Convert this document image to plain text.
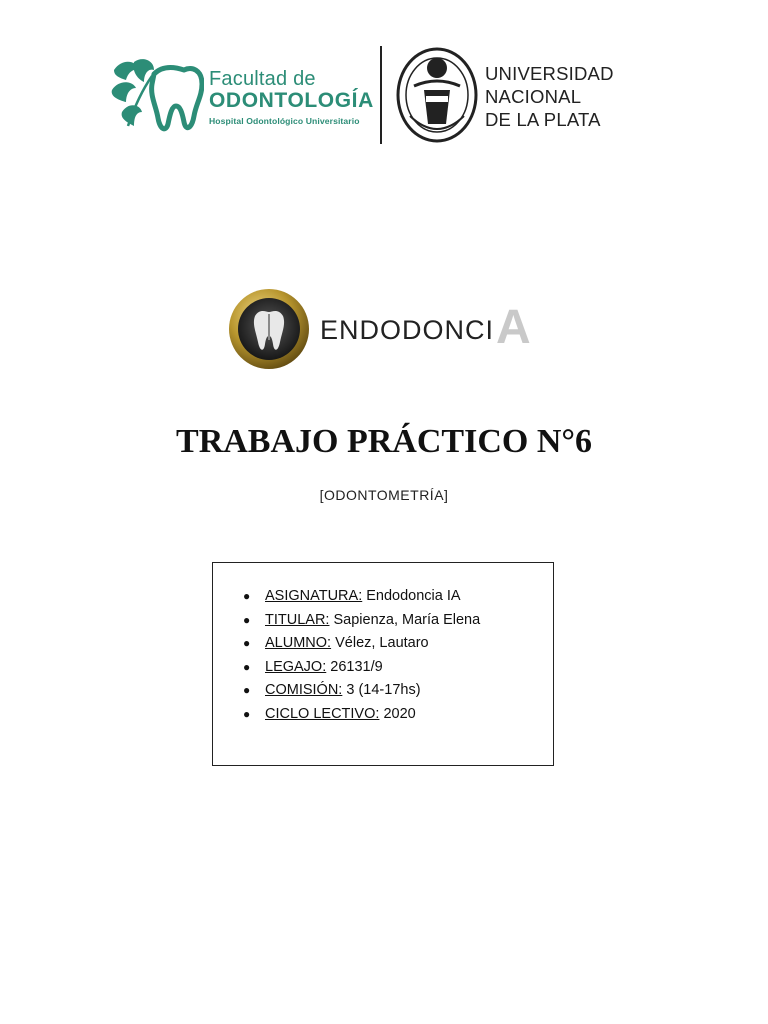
Facultad de
ODONTOLOGÍA
Hospital Odontológico Universitario
UNIVERSIDAD
NACIONAL
DE LA PLATA
ENDODONCI A
TRABAJO PRÁCTICO N°6
[ODONTOMETRÍA]
● ASIGNATURA: Endodoncia IA
● TITULAR: Sapienza, María Elena
● ALUMNO: Vélez, Lautaro
● LEGAJO: 26131/9
● COMISIÓN: 3 (14-17hs)
● CICLO LECTIVO: 2020
